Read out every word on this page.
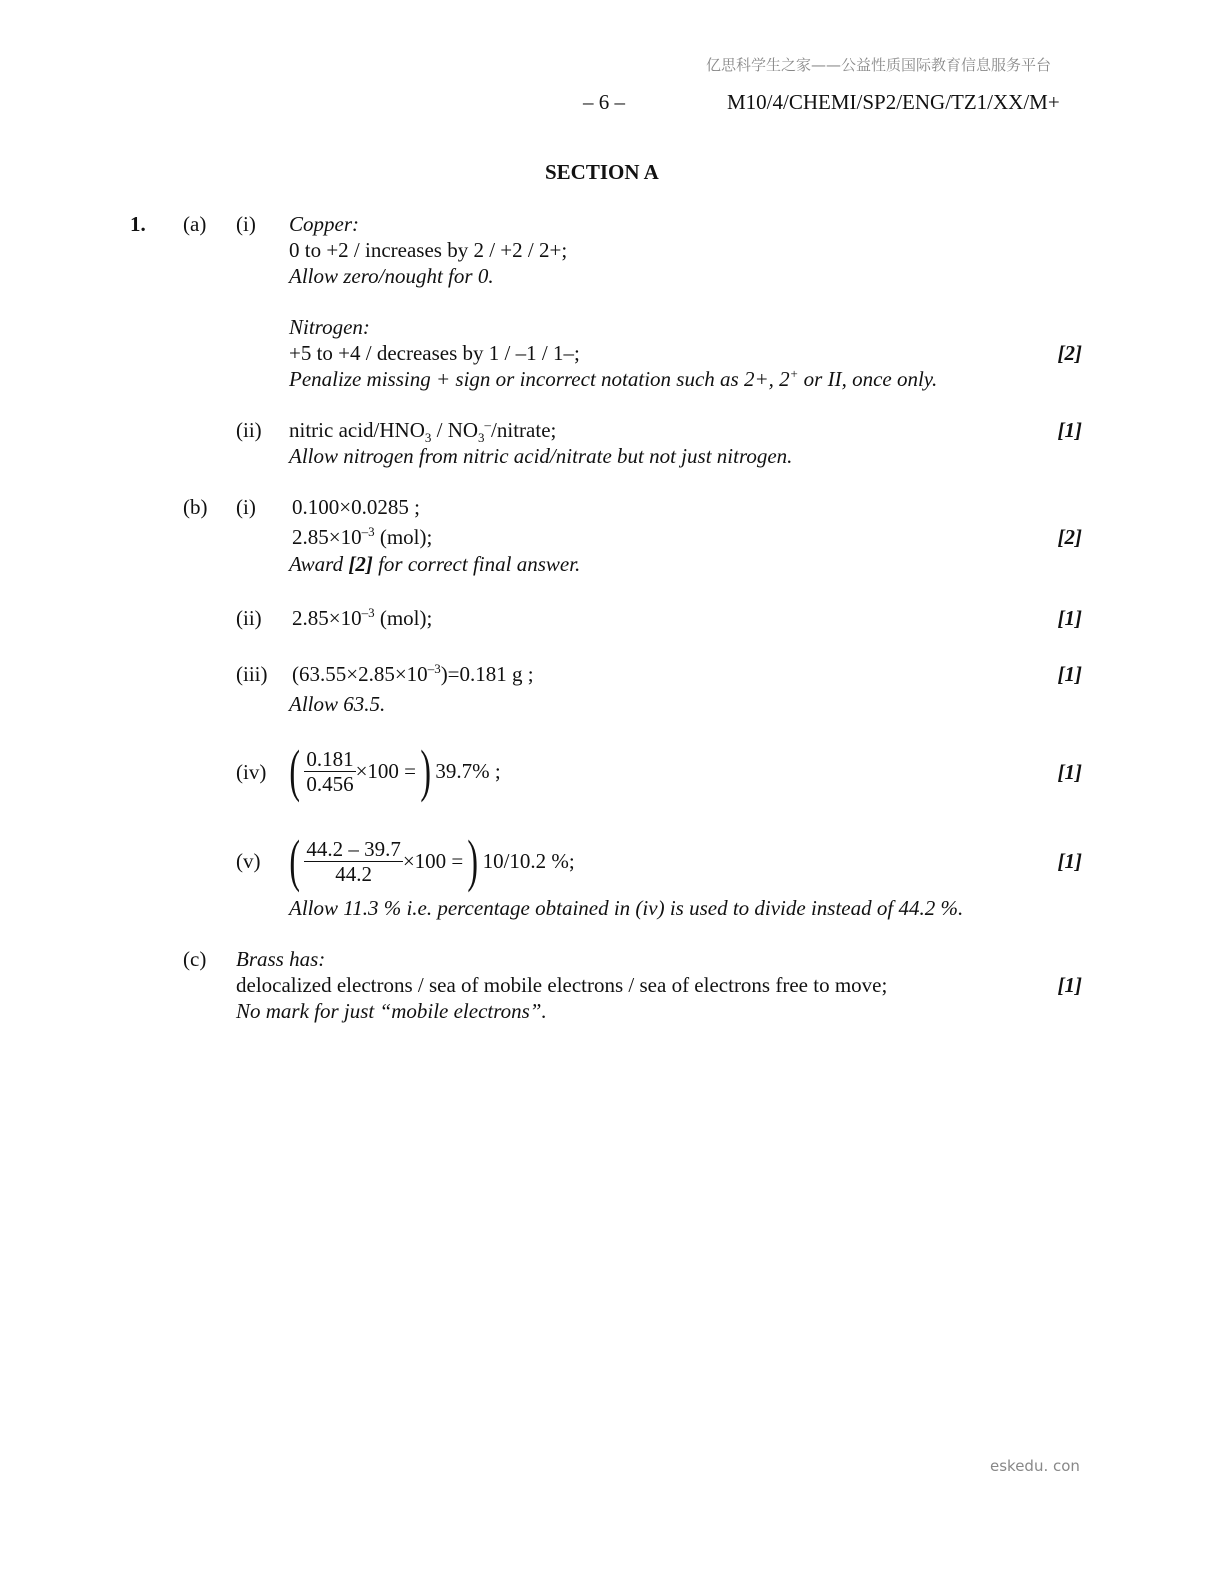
亿思科学生之家——公益性质国际教育信息服务平台
– 6 –	M10/4/CHEMI/SP2/ENG/TZ1/XX/M+
SECTION A
1. (a) (i) Copper:
0 to +2 / increases by 2 / +2 / 2+;
Allow zero/nought for 0.
Nitrogen:
+5 to +4 / decreases by 1 / –1 / 1–;	[2]
Penalize missing + sign or incorrect notation such as 2+, 2+ or II, once only.
(ii) nitric acid/$HNO_3$ / $NO_3^-$/nitrate;	[1]
Allow nitrogen from nitric acid/nitrate but not just nitrogen.
(b) (i) 0.100×0.0285 ;
$2.85\times 10^{-3}$ (mol);	[2]
Award [2] for correct final answer.
(ii) $2.85\times 10^{-3}$ (mol);	[1]
(iii) $(63.55\times 2.85\times 10^{-3})=0.181$ g ;	[1]
Allow 63.5.
(iv) ( $\frac{0.181}{0.456} \times 100$ =) 39.7% ;	[1]
(v) ( $\frac{44.2 - 39.7}{44.2} \times 100$ =) 10/10.2 %;	[1]
Allow 11.3 % i.e. percentage obtained in (iv) is used to divide instead of 44.2 %.
(c) Brass has:
delocalized electrons / sea of mobile electrons / sea of electrons free to move;	[1]
No mark for just “mobile electrons”.
eskedu. con
